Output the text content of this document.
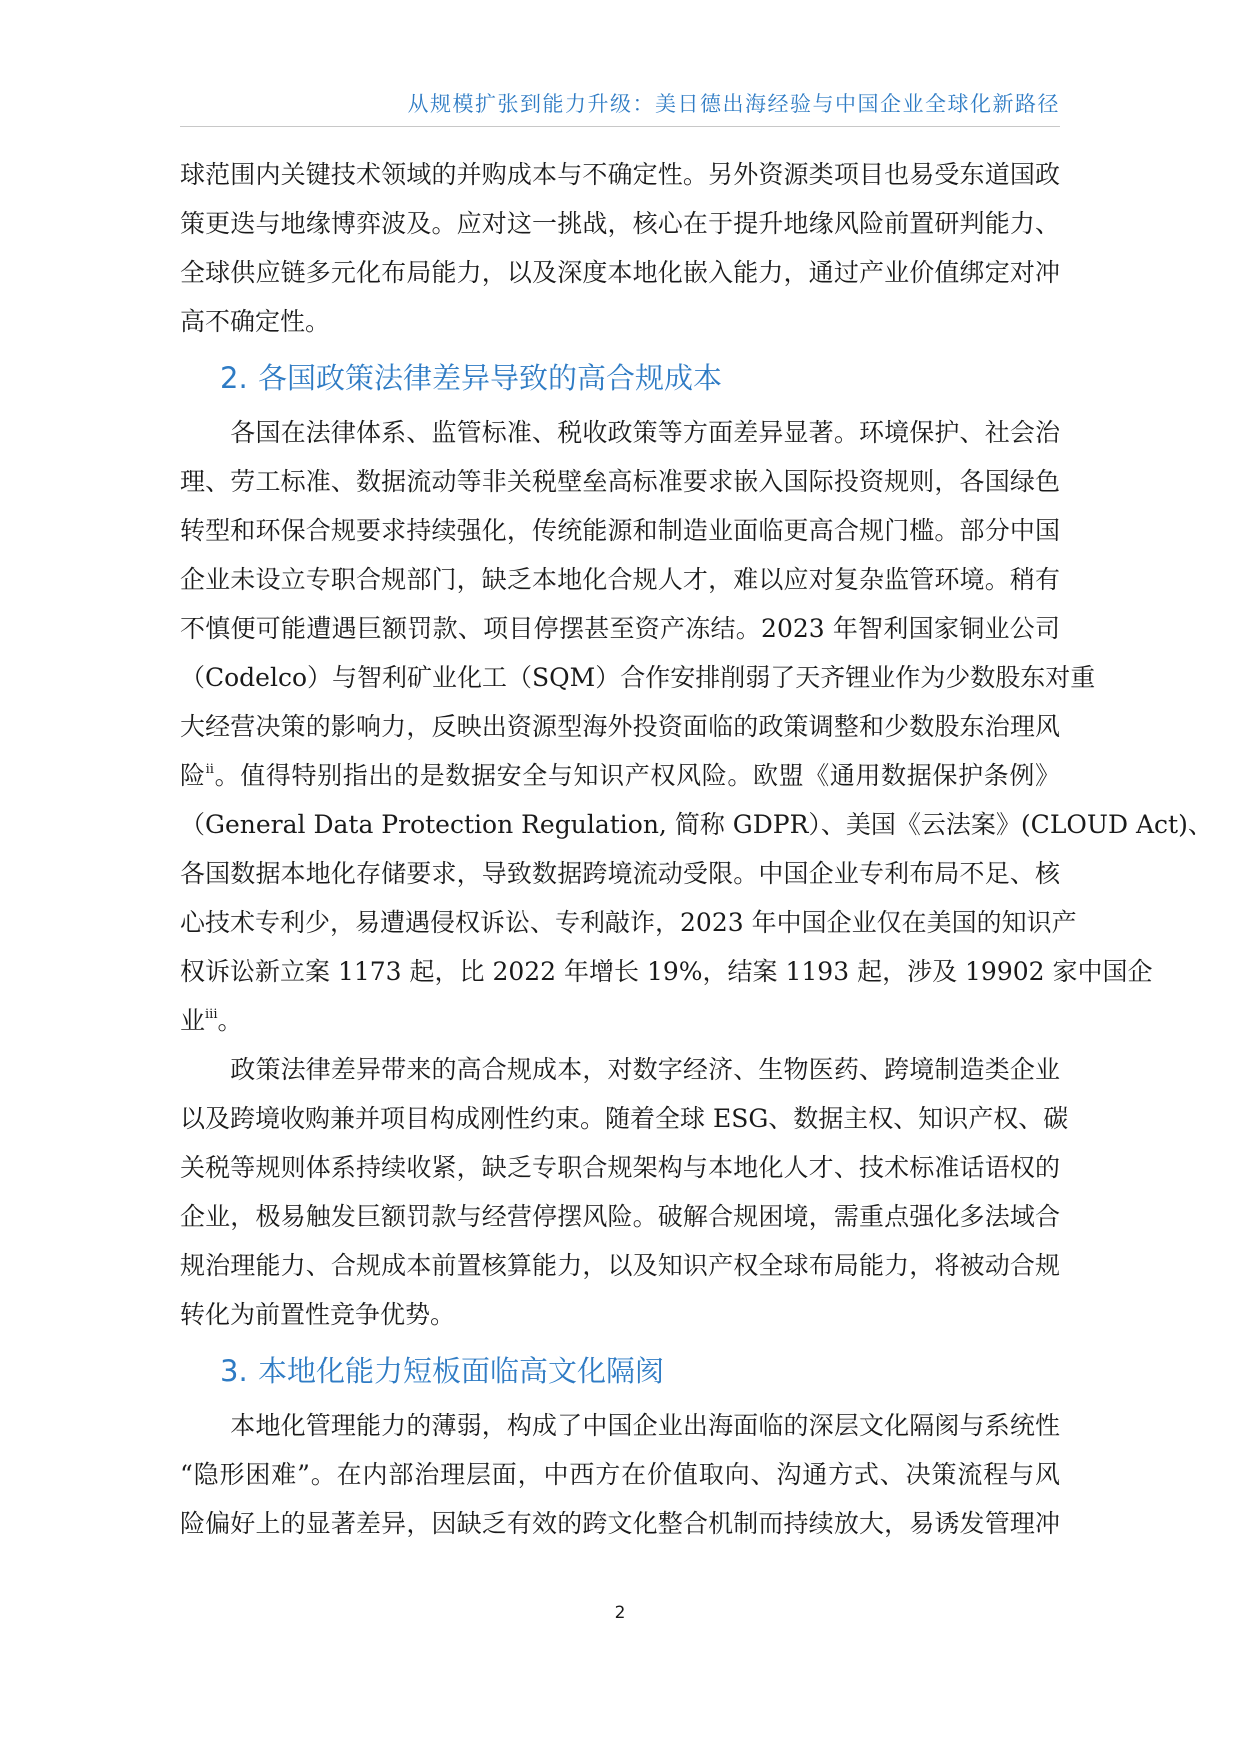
从规模扩张到能力升级：美日德出海经验与中国企业全球化新路径
球范围内关键技术领域的并购成本与不确定性。另外资源类项目也易受东道国政
策更迭与地缘博弈波及。应对这一挑战，核心在于提升地缘风险前置研判能力、
全球供应链多元化布局能力，以及深度本地化嵌入能力，通过产业价值绑定对冲
高不确定性。
2. 各国政策法律差异导致的高合规成本
　　各国在法律体系、监管标准、税收政策等方面差异显著。环境保护、社会治
理、劳工标准、数据流动等非关税壁垒高标准要求嵌入国际投资规则，各国绿色
转型和环保合规要求持续强化，传统能源和制造业面临更高合规门槛。部分中国
企业未设立专职合规部门，缺乏本地化合规人才，难以应对复杂监管环境。稍有
不慎便可能遭遇巨额罚款、项目停摆甚至资产冻结。2023 年智利国家铜业公司
（Codelco）与智利矿业化工（SQM）合作安排削弱了天齐锂业作为少数股东对重
大经营决策的影响力，反映出资源型海外投资面临的政策调整和少数股东治理风
险$^{ii}$。值得特别指出的是数据安全与知识产权风险。欧盟《通用数据保护条例》
（General Data Protection Regulation, 简称 GDPR）、美国《云法案》(CLOUD Act)、
各国数据本地化存储要求，导致数据跨境流动受限。中国企业专利布局不足、核
心技术专利少，易遭遇侵权诉讼、专利敲诈，2023 年中国企业仅在美国的知识产
权诉讼新立案 1173 起，比 2022 年增长 19%，结案 1193 起，涉及 19902 家中国企
业$^{iii}$。
　　政策法律差异带来的高合规成本，对数字经济、生物医药、跨境制造类企业
以及跨境收购兼并项目构成刚性约束。随着全球 ESG、数据主权、知识产权、碳
关税等规则体系持续收紧，缺乏专职合规架构与本地化人才、技术标准话语权的
企业，极易触发巨额罚款与经营停摆风险。破解合规困境，需重点强化多法域合
规治理能力、合规成本前置核算能力，以及知识产权全球布局能力，将被动合规
转化为前置性竞争优势。
3. 本地化能力短板面临高文化隔阂
　　本地化管理能力的薄弱，构成了中国企业出海面临的深层文化隔阂与系统性
“隐形困难”。在内部治理层面，中西方在价值取向、沟通方式、决策流程与风
险偏好上的显著差异，因缺乏有效的跨文化整合机制而持续放大，易诱发管理冲
2
